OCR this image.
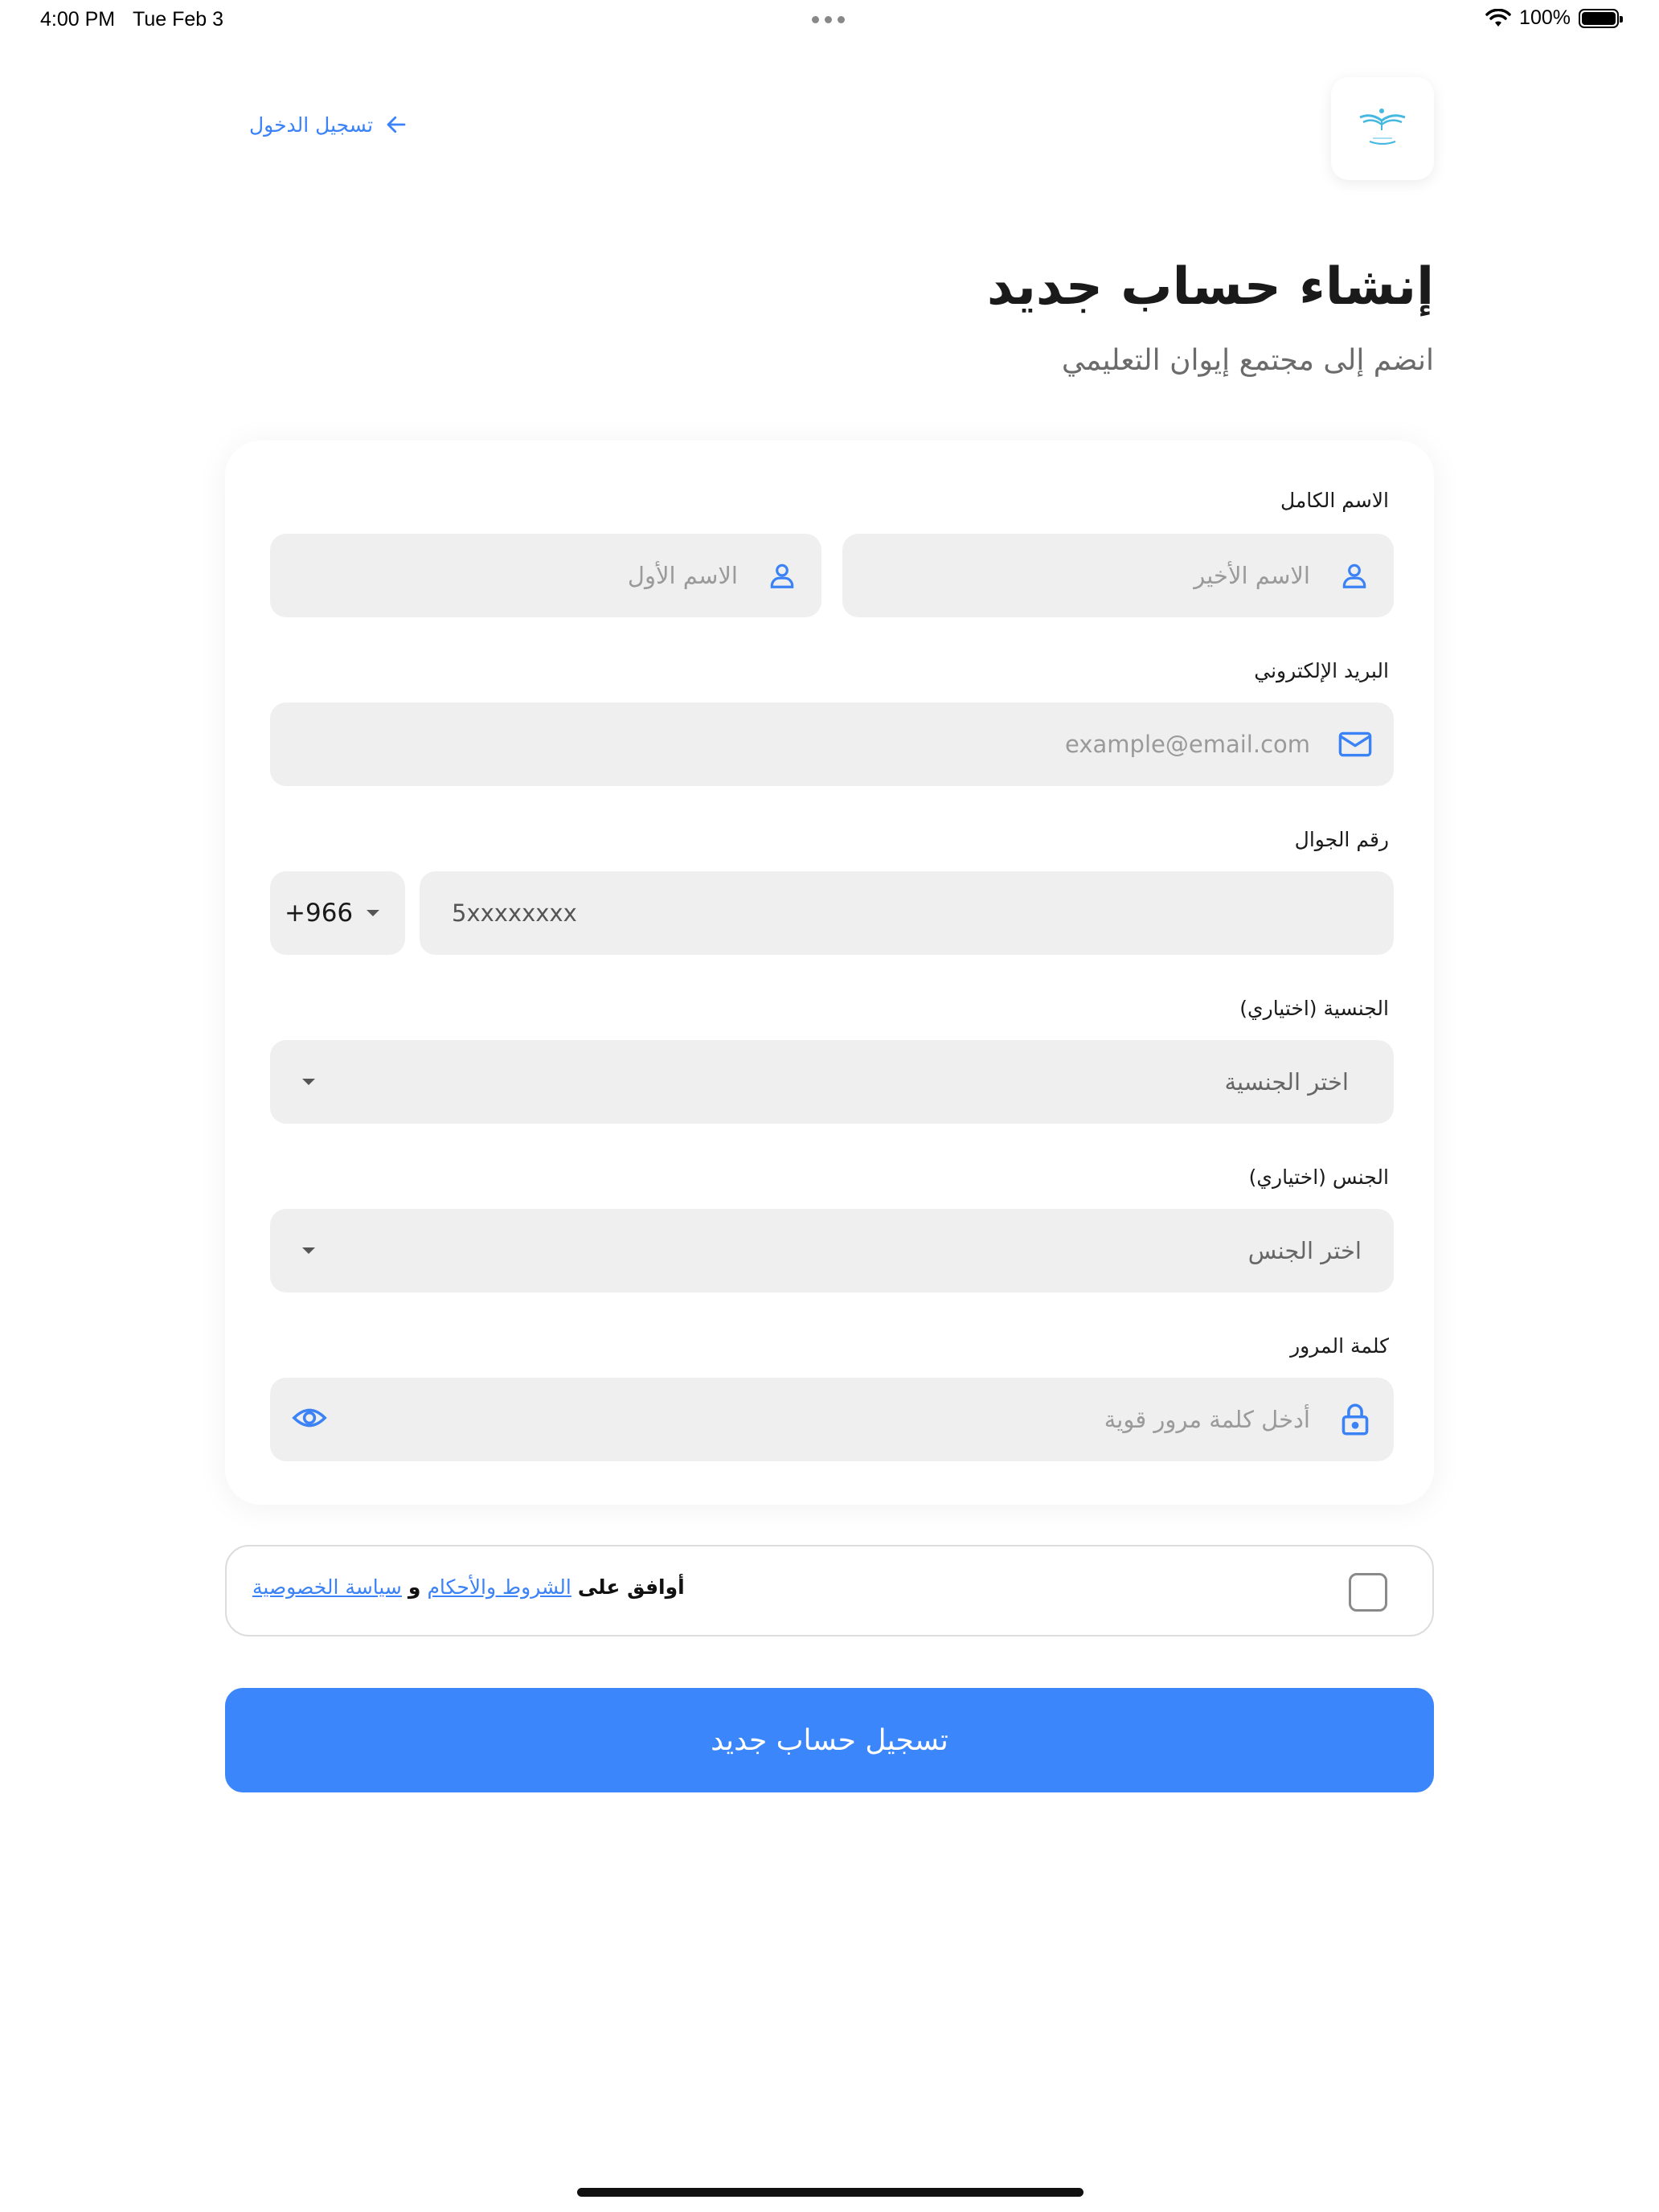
4:00 PM Tue Feb 3	100%
تسجيل الدخول
إنشاء حساب جديد
انضم إلى مجتمع إيوان التعليمي
الاسم الكامل
الاسم الأخير
الاسم الأول
البريد الإلكتروني
example@email.com
رقم الجوال
+966	5xxxxxxxx
الجنسية (اختياري)
اختر الجنسية
الجنس (اختياري)
اختر الجنس
كلمة المرور
أدخل كلمة مرور قوية
أوافق على
الشروط والأحكام
و
سياسة الخصوصية
تسجيل حساب جديد
